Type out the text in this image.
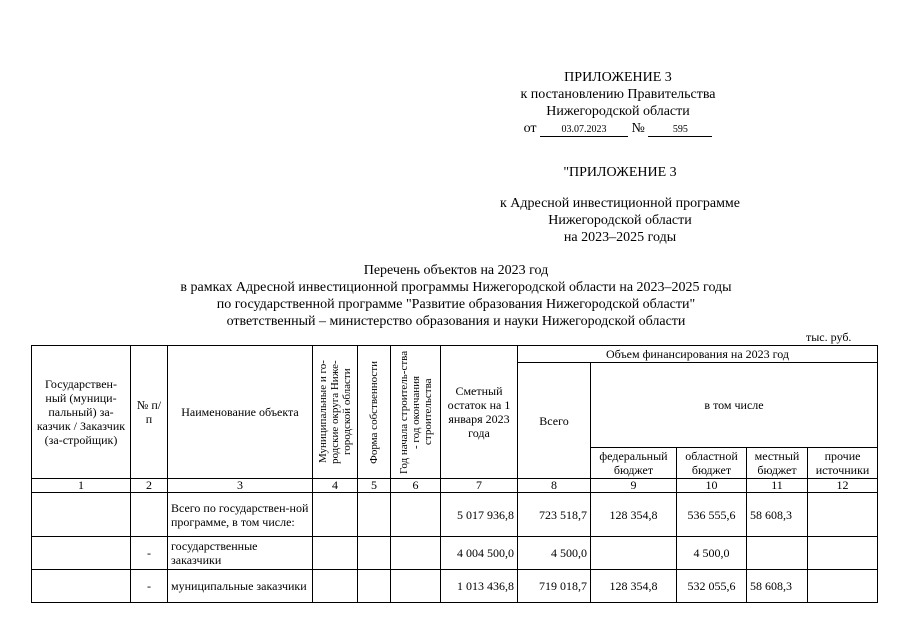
ПРИЛОЖЕНИЕ 3
к постановлению Правительства
Нижегородской области
от	03.07.2023 №	595
"ПРИЛОЖЕНИЕ 3
к Адресной инвестиционной программе
Нижегородской области
на 2023–2025 годы
Перечень объектов на 2023 год
в рамках Адресной инвестиционной программы Нижегородской области на 2023–2025 годы
по государственной программе "Развитие образования Нижегородской области"
ответственный – министерство образования и науки Нижегородской области
тыс. руб.
Государствен-ный (муници-пальный) за-казчик / Заказчик (за-стройщик)	№ п/п	Наименование объекта	Муниципальные и го-родские округа Ниже-городской области	Форма собственности	Год начала строитель-ства - год окончания строительства	Сметный остаток на 1 января 2023 года	Объем финансирования на 2023 год				
							Всего	в том числе			
								федеральный бюджет	областной бюджет	местный бюджет	прочие источники
1	2	3	4	5	6	7	8	9	10	11	12
		Всего по государствен-ной программе, в том числе:				5 017 936,8	723 518,7	128 354,8	536 555,6	58 608,3	
	-	государственные заказчики				4 004 500,0	4 500,0		4 500,0		
	-	муниципальные заказчики				1 013 436,8	719 018,7	128 354,8	532 055,6	58 608,3	
